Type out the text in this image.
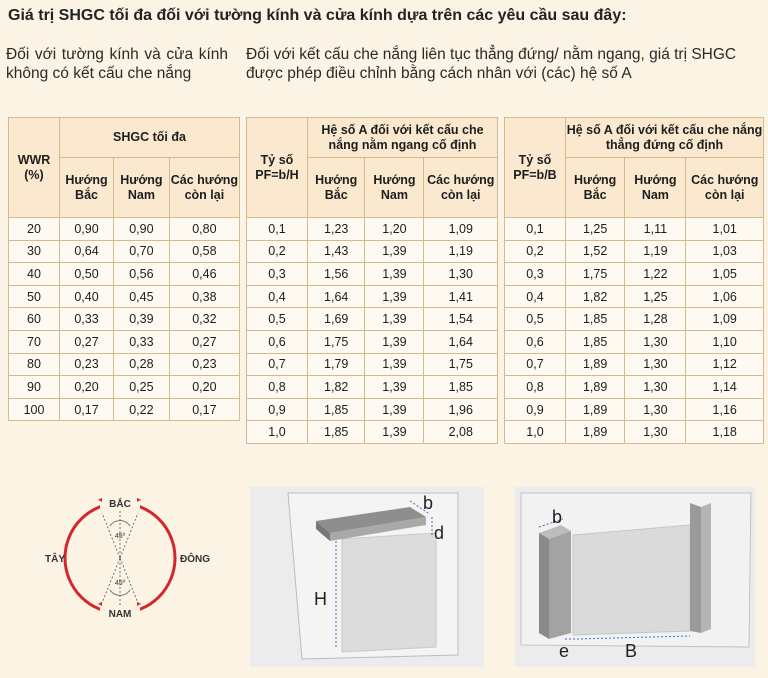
Giá trị SHGC tối đa đối với tường kính và cửa kính dựa trên các yêu cầu sau đây:
Đối với tường kính và cửa kính không có kết cấu che nắng
Đối với kết cấu che nắng liên tục thẳng đứng/ nằm ngang, giá trị SHGC được phép điều chỉnh bằng cách nhân với (các) hệ số A
WWR (%)	SHGC tối đa		
	Hướng Bắc	Hướng Nam	Các hướng còn lại
20	0,90	0,90	0,80
30	0,64	0,70	0,58
40	0,50	0,56	0,46
50	0,40	0,45	0,38
60	0,33	0,39	0,32
70	0,27	0,33	0,27
80	0,23	0,28	0,23
90	0,20	0,25	0,20
100	0,17	0,22	0,17
Tỷ số PF=b/H	Hệ số A đối với kết cấu che nắng nằm ngang cố định		
	Hướng Bắc	Hướng Nam	Các hướng còn lại
0,1	1,23	1,20	1,09
0,2	1,43	1,39	1,19
0,3	1,56	1,39	1,30
0,4	1,64	1,39	1,41
0,5	1,69	1,39	1,54
0,6	1,75	1,39	1,64
0,7	1,79	1,39	1,75
0,8	1,82	1,39	1,85
0,9	1,85	1,39	1,96
1,0	1,85	1,39	2,08
Tỷ số PF=b/B	Hệ số A đối với kết cấu che nắng thẳng đứng cố định		
	Hướng Bắc	Hướng Nam	Các hướng còn lại
0,1	1,25	1,11	1,01
0,2	1,52	1,19	1,03
0,3	1,75	1,22	1,05
0,4	1,82	1,25	1,06
0,5	1,85	1,28	1,09
0,6	1,85	1,30	1,10
0,7	1,89	1,30	1,12
0,8	1,89	1,30	1,14
0,9	1,89	1,30	1,16
1,0	1,89	1,30	1,18
45º
45º
BẮC
◂	▸
NAM
◂	▸
TÂY	ĐÔNG
b
d
H
b
e	B
